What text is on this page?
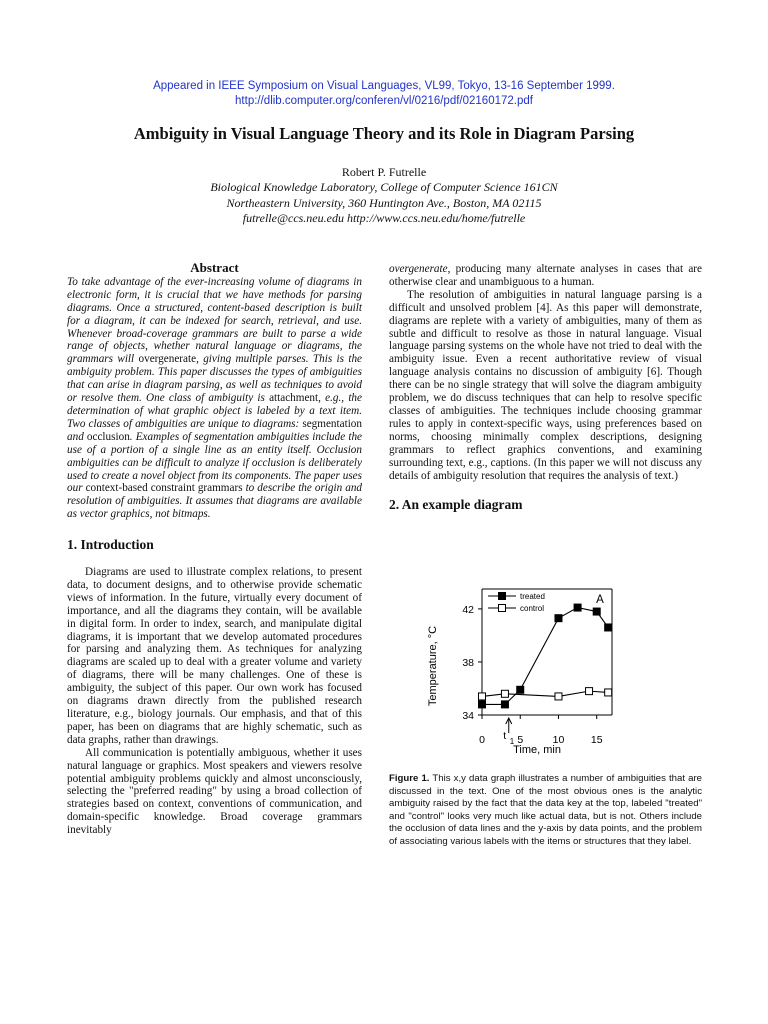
Appeared in IEEE Symposium on Visual Languages, VL99, Tokyo, 13-16 September 1999.
http://dlib.computer.org/conferen/vl/0216/pdf/02160172.pdf
Ambiguity in Visual Language Theory and its Role in Diagram Parsing
Robert P. Futrelle
Biological Knowledge Laboratory, College of Computer Science 161CN
Northeastern University, 360 Huntington Ave., Boston, MA 02115
futrelle@ccs.neu.edu http://www.ccs.neu.edu/home/futrelle
Abstract

To take advantage of the ever-increasing volume of diagrams in electronic form, it is crucial that we have methods for parsing diagrams. Once a structured, content-based description is built for a diagram, it can be indexed for search, retrieval, and use. Whenever broad-coverage grammars are built to parse a wide range of objects, whether natural language or diagrams, the grammars will overgenerate, giving multiple parses. This is the ambiguity problem. This paper discusses the types of ambiguities that can arise in diagram parsing, as well as techniques to avoid or resolve them. One class of ambiguity is attachment, e.g., the determination of what graphic object is labeled by a text item. Two classes of ambiguities are unique to diagrams: segmentation and occlusion. Examples of segmentation ambiguities include the use of a portion of a single line as an entity itself. Occlusion ambiguities can be difficult to analyze if occlusion is deliberately used to create a novel object from its components. The paper uses our context-based constraint grammars to describe the origin and resolution of ambiguities. It assumes that diagrams are available as vector graphics, not bitmaps.

1. Introduction

Diagrams are used to illustrate complex relations, to present data, to document designs, and to otherwise provide schematic views of information. In the future, virtually every document of importance, and all the diagrams they contain, will be available in digital form. In order to index, search, and manipulate digital diagrams, it is important that we develop automated procedures for parsing and analyzing them. As techniques for analyzing diagrams are scaled up to deal with a greater volume and variety of diagrams, there will be many challenges. One of these is ambiguity, the subject of this paper. Our own work has focused on diagrams drawn directly from the published research literature, e.g., biology journals. Our emphasis, and that of this paper, has been on diagrams that are highly schematic, such as data graphs, rather than drawings.

All communication is potentially ambiguous, whether it uses natural language or graphics. Most speakers and viewers resolve potential ambiguity problems quickly and almost unconsciously, selecting the "preferred reading" by using a broad collection of strategies based on context, conventions of communication, and domain-specific knowledge. Broad coverage grammars inevitably

overgenerate, producing many alternate analyses in cases that are otherwise clear and unambiguous to a human.

The resolution of ambiguities in natural language parsing is a difficult and unsolved problem [4]. As this paper will demonstrate, diagrams are replete with a variety of ambiguities, many of them as subtle and difficult to resolve as those in natural language. Visual language parsing systems on the whole have not tried to deal with the ambiguity issue. Even a recent authoritative review of visual language analysis contains no discussion of ambiguity [6]. Though there can be no single strategy that will solve the diagram ambiguity problem, we do discuss techniques that can help to resolve specific classes of ambiguities. The techniques include choosing grammar rules to apply in context-specific ways, using preferences based on norms, choosing minimally complex descriptions, designing grammars to reflect graphics conventions, and examining surrounding text, e.g., captions. (In this paper we will not discuss any details of ambiguity resolution that requires the analysis of text.)

2. An example diagram
34
38
42
0	5	10	15
t 1
Time, min
Temperature, °C
A
treated
control
Figure 1. This x,y data graph illustrates a number of ambiguities that are discussed in the text. One of the most obvious ones is the analytic ambiguity raised by the fact that the data key at the top, labeled "treated" and "control" looks very much like actual data, but is not. Others include the occlusion of data lines and the y-axis by data points, and the problem of associating various labels with the items or structures that they label.
